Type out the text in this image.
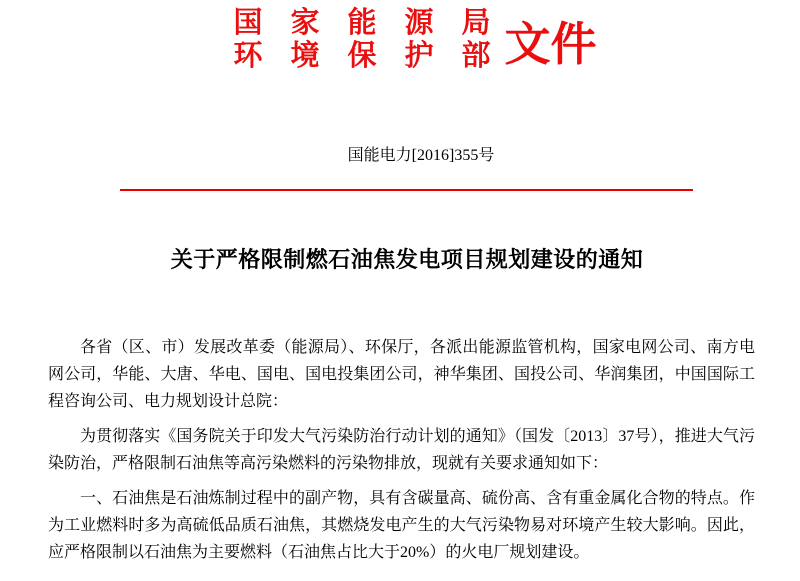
国家能源局
环境保护部
文件
国能电力[2016]355号
关于严格限制燃石油焦发电项目规划建设的通知

各省（区、市）发展改革委（能源局）、环保厅，各派出能源监管机构，国家电网公司、南方电网公司，华能、大唐、华电、国电、国电投集团公司，神华集团、国投公司、华润集团，中国国际工程咨询公司、电力规划设计总院：

为贯彻落实《国务院关于印发大气污染防治行动计划的通知》（国发〔2013〕37号），推进大气污染防治，严格限制石油焦等高污染燃料的污染物排放，现就有关要求通知如下：

一、石油焦是石油炼制过程中的副产物，具有含碳量高、硫份高、含有重金属化合物的特点。作为工业燃料时多为高硫低品质石油焦，其燃烧发电产生的大气污染物易对环境产生较大影响。因此，应严格限制以石油焦为主要燃料（石油焦占比大于20%）的火电厂规划建设。
